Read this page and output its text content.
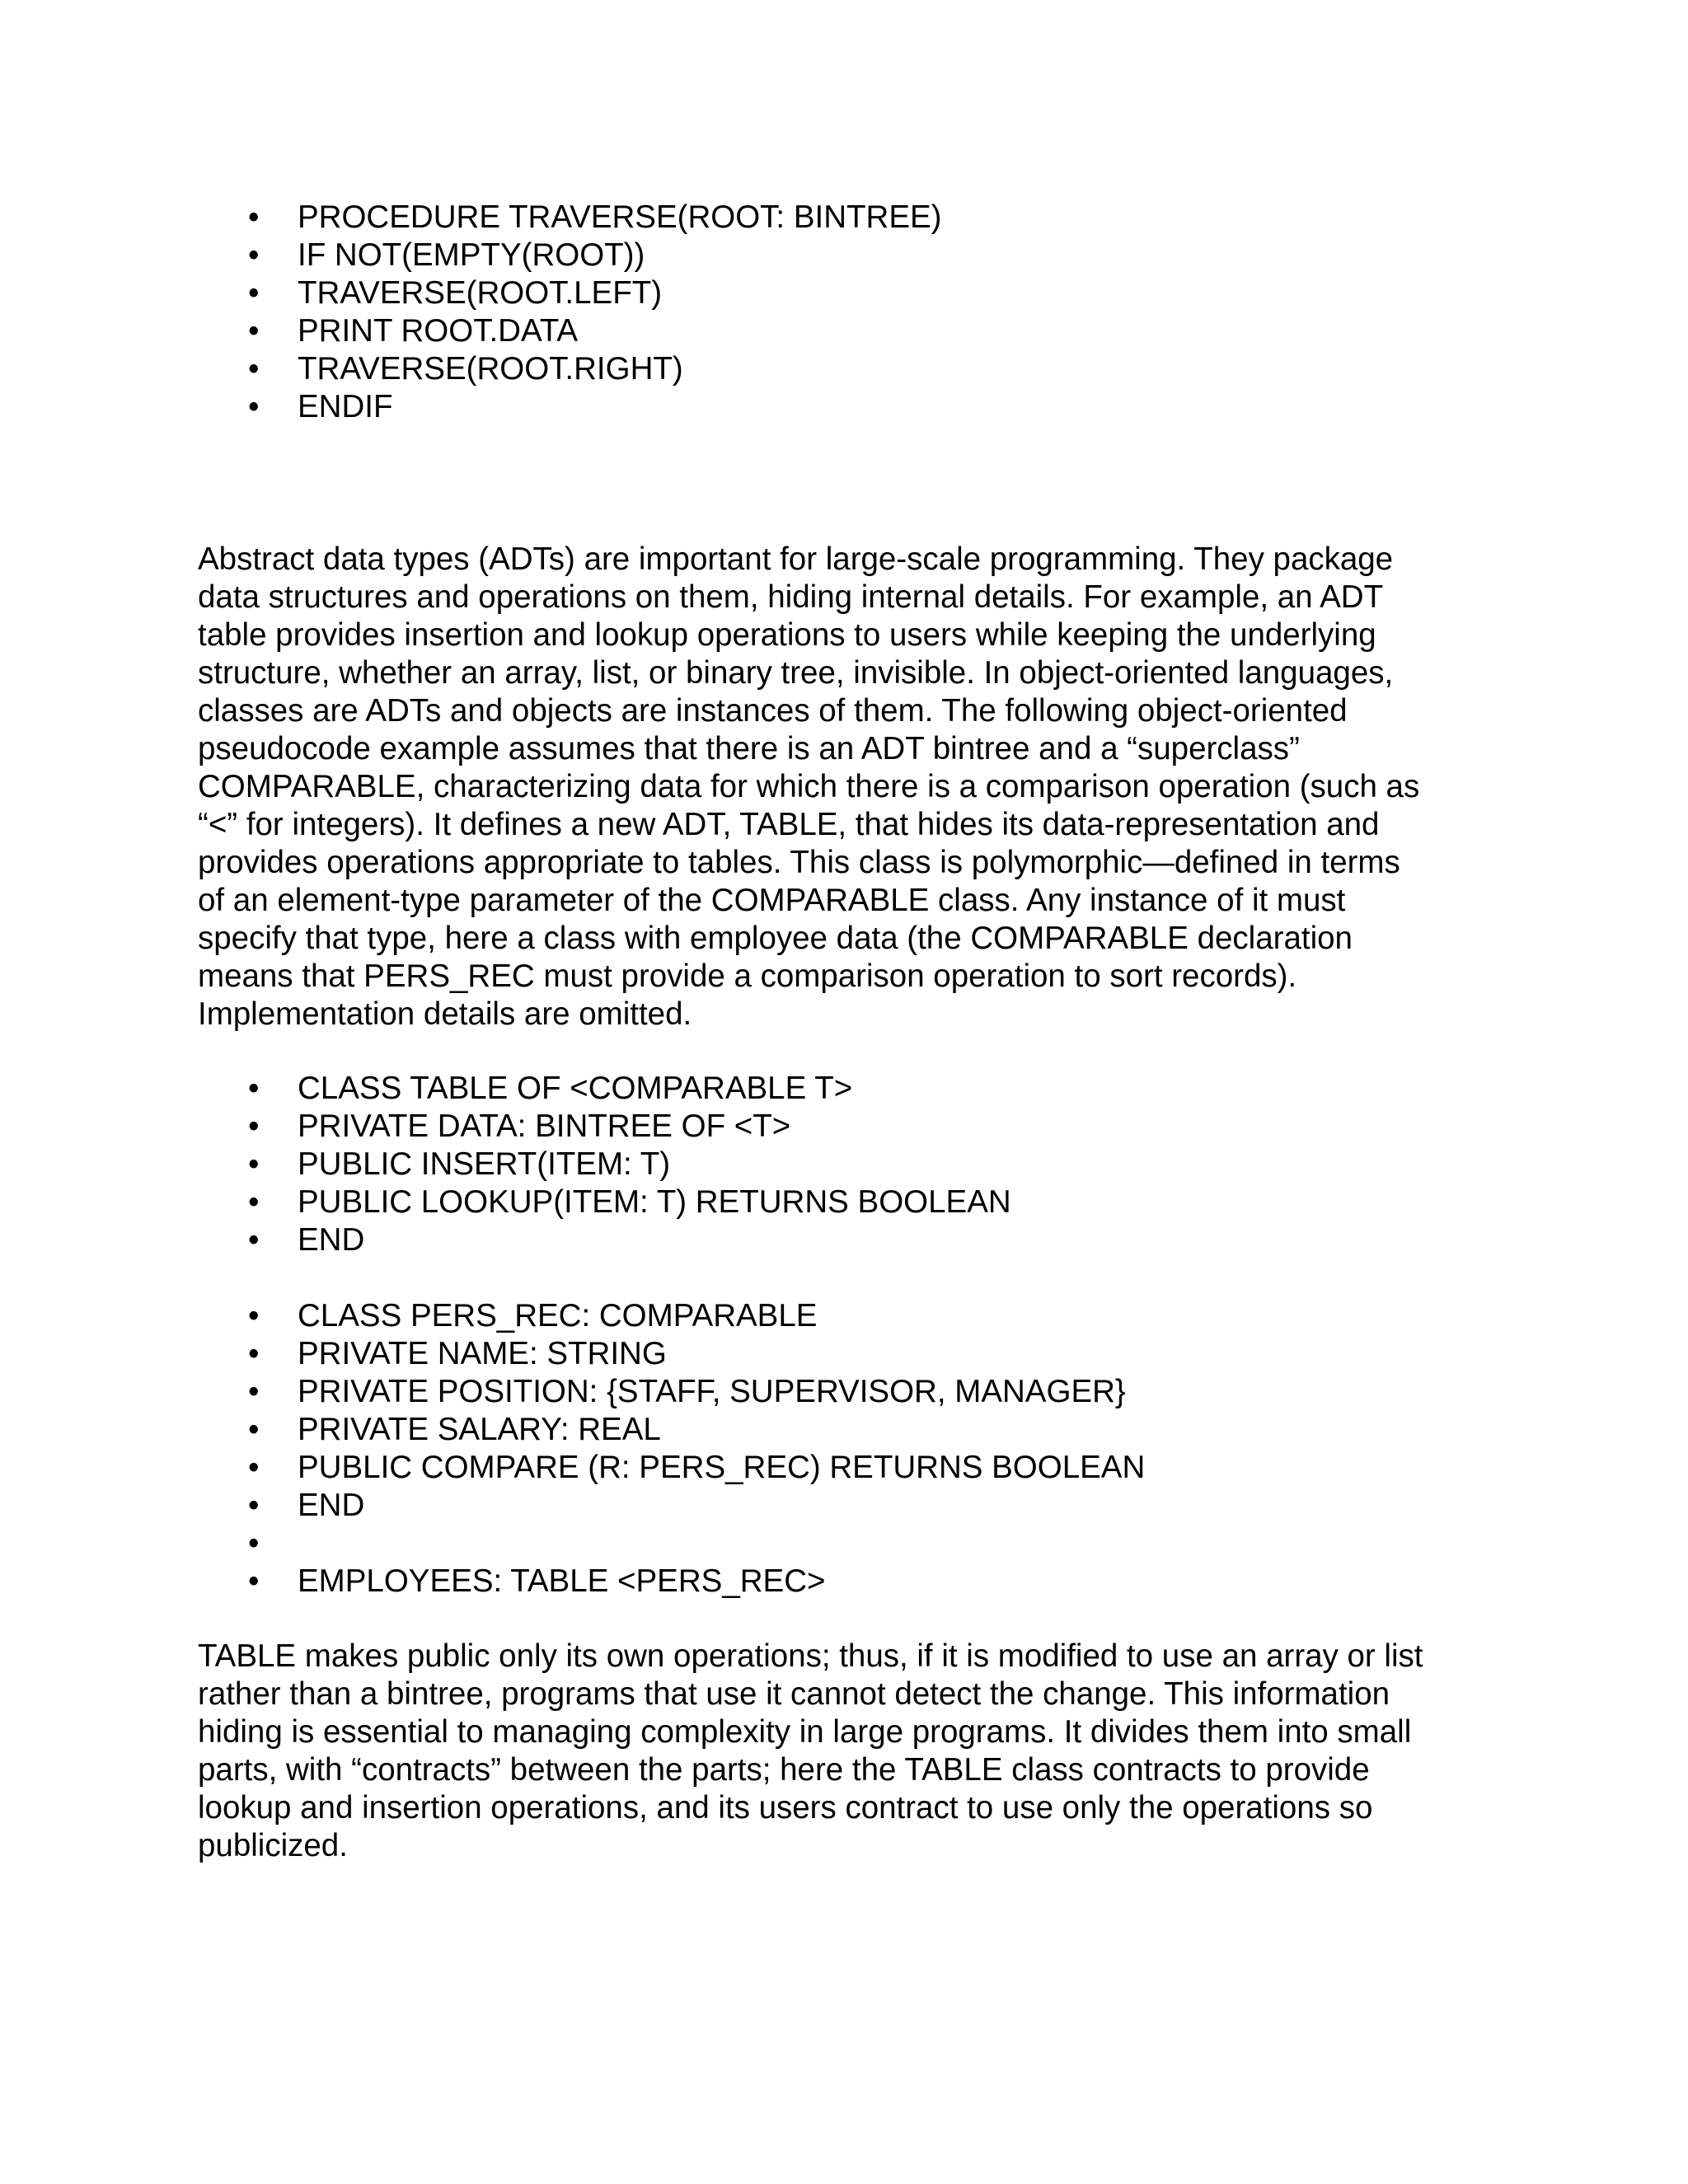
• PROCEDURE TRAVERSE(ROOT: BINTREE)
• IF NOT(EMPTY(ROOT))
• TRAVERSE(ROOT.LEFT)
• PRINT ROOT.DATA
• TRAVERSE(ROOT.RIGHT)
• ENDIF

Abstract data types (ADTs) are important for large-scale programming. They package
data structures and operations on them, hiding internal details. For example, an ADT
table provides insertion and lookup operations to users while keeping the underlying
structure, whether an array, list, or binary tree, invisible. In object-oriented languages,
classes are ADTs and objects are instances of them. The following object-oriented
pseudocode example assumes that there is an ADT bintree and a “superclass”
COMPARABLE, characterizing data for which there is a comparison operation (such as
“<” for integers). It defines a new ADT, TABLE, that hides its data-representation and
provides operations appropriate to tables. This class is polymorphic—defined in terms
of an element-type parameter of the COMPARABLE class. Any instance of it must
specify that type, here a class with employee data (the COMPARABLE declaration
means that PERS_REC must provide a comparison operation to sort records).
Implementation details are omitted.

• CLASS TABLE OF <COMPARABLE T>
• PRIVATE DATA: BINTREE OF <T>
• PUBLIC INSERT(ITEM: T)
• PUBLIC LOOKUP(ITEM: T) RETURNS BOOLEAN
• END
• CLASS PERS_REC: COMPARABLE
• PRIVATE NAME: STRING
• PRIVATE POSITION: {STAFF, SUPERVISOR, MANAGER}
• PRIVATE SALARY: REAL
• PUBLIC COMPARE (R: PERS_REC) RETURNS BOOLEAN
• END
•
• EMPLOYEES: TABLE <PERS_REC>

TABLE makes public only its own operations; thus, if it is modified to use an array or list
rather than a bintree, programs that use it cannot detect the change. This information
hiding is essential to managing complexity in large programs. It divides them into small
parts, with “contracts” between the parts; here the TABLE class contracts to provide
lookup and insertion operations, and its users contract to use only the operations so
publicized.
